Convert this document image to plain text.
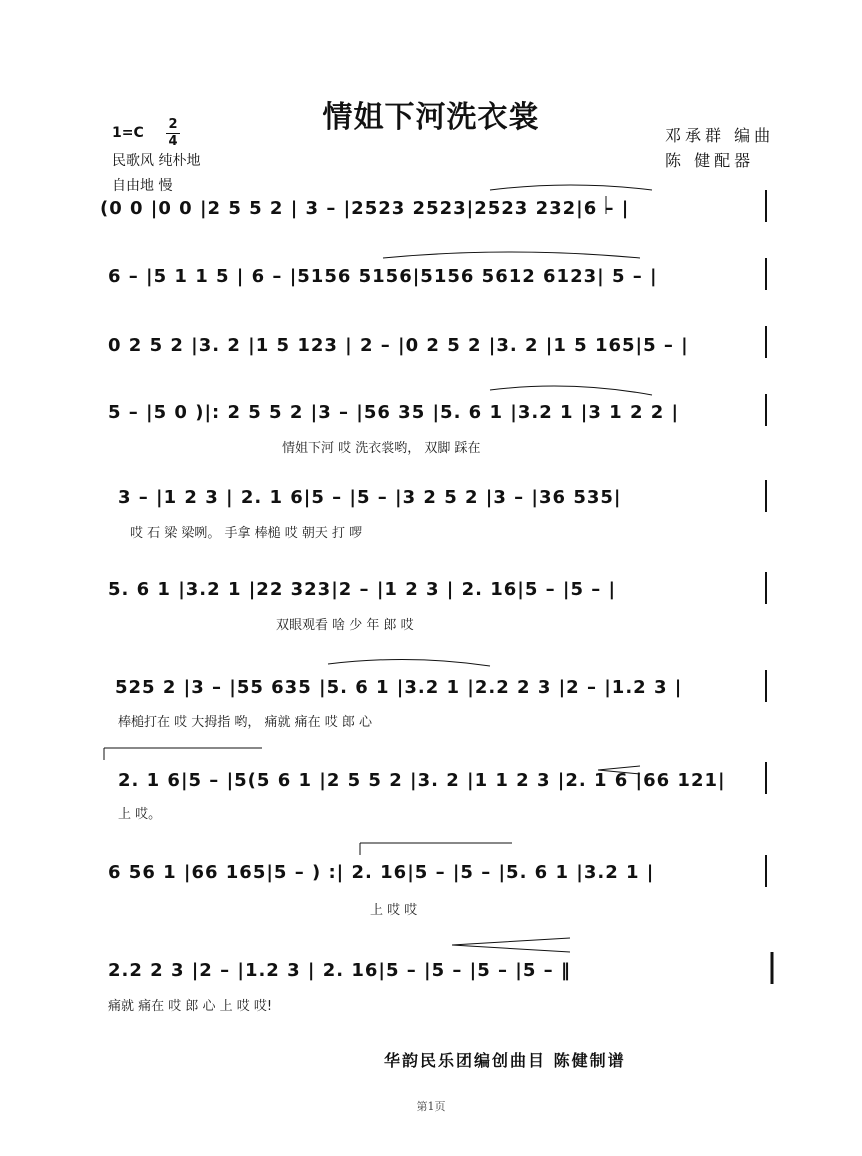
情姐下河洗衣裳
1=C
2
4
民歌风 纯朴地
自由地 慢
邓承群 编曲
陈 健配器
(0 0 |0 0 |2 5 5 2 | 3 – |2523 2523|2523 232|6 – |
6 – |5 1 1 5 | 6 – |5156 5156|5156 5612 6123| 5 – |
0 2 5 2 |3. 2 |1 5 123 | 2 – |0 2 5 2 |3. 2 |1 5 165|5 – |
5 – |5 0 )|: 2 5 5 2 |3 – |56 35 |5. 6 1 |3.2 1 |3 1 2 2 |
情姐下河 哎 洗衣裳哟， 双脚 踩在
3 – |1 2 3 | 2. 1 6|5 – |5 – |3 2 5 2 |3 – |36 535|
哎 石 梁 梁咧。 手拿 棒槌 哎 朝天 打 啰
5. 6 1 |3.2 1 |22 323|2 – |1 2 3 | 2. 16|5 – |5 – |
双眼观看 啥 少 年 郎 哎
525 2 |3 – |55 635 |5. 6 1 |3.2 1 |2.2 2 3 |2 – |1.2 3 |
棒槌打在 哎 大拇指 哟， 痛就 痛在 哎 郎 心
2. 1 6|5 – |5(5 6 1 |2 5 5 2 |3. 2 |1 1 2 3 |2. 1 6 |66 121|
上 哎。
6 56 1 |66 165|5 – ) :| 2. 16|5 – |5 – |5. 6 1 |3.2 1 |
上 哎 哎
2.2 2 3 |2 – |1.2 3 | 2. 16|5 – |5 – |5 – |5 – ‖
痛就 痛在 哎 郎 心 上 哎 哎!
华韵民乐团编创曲目 陈健制谱
第1页
